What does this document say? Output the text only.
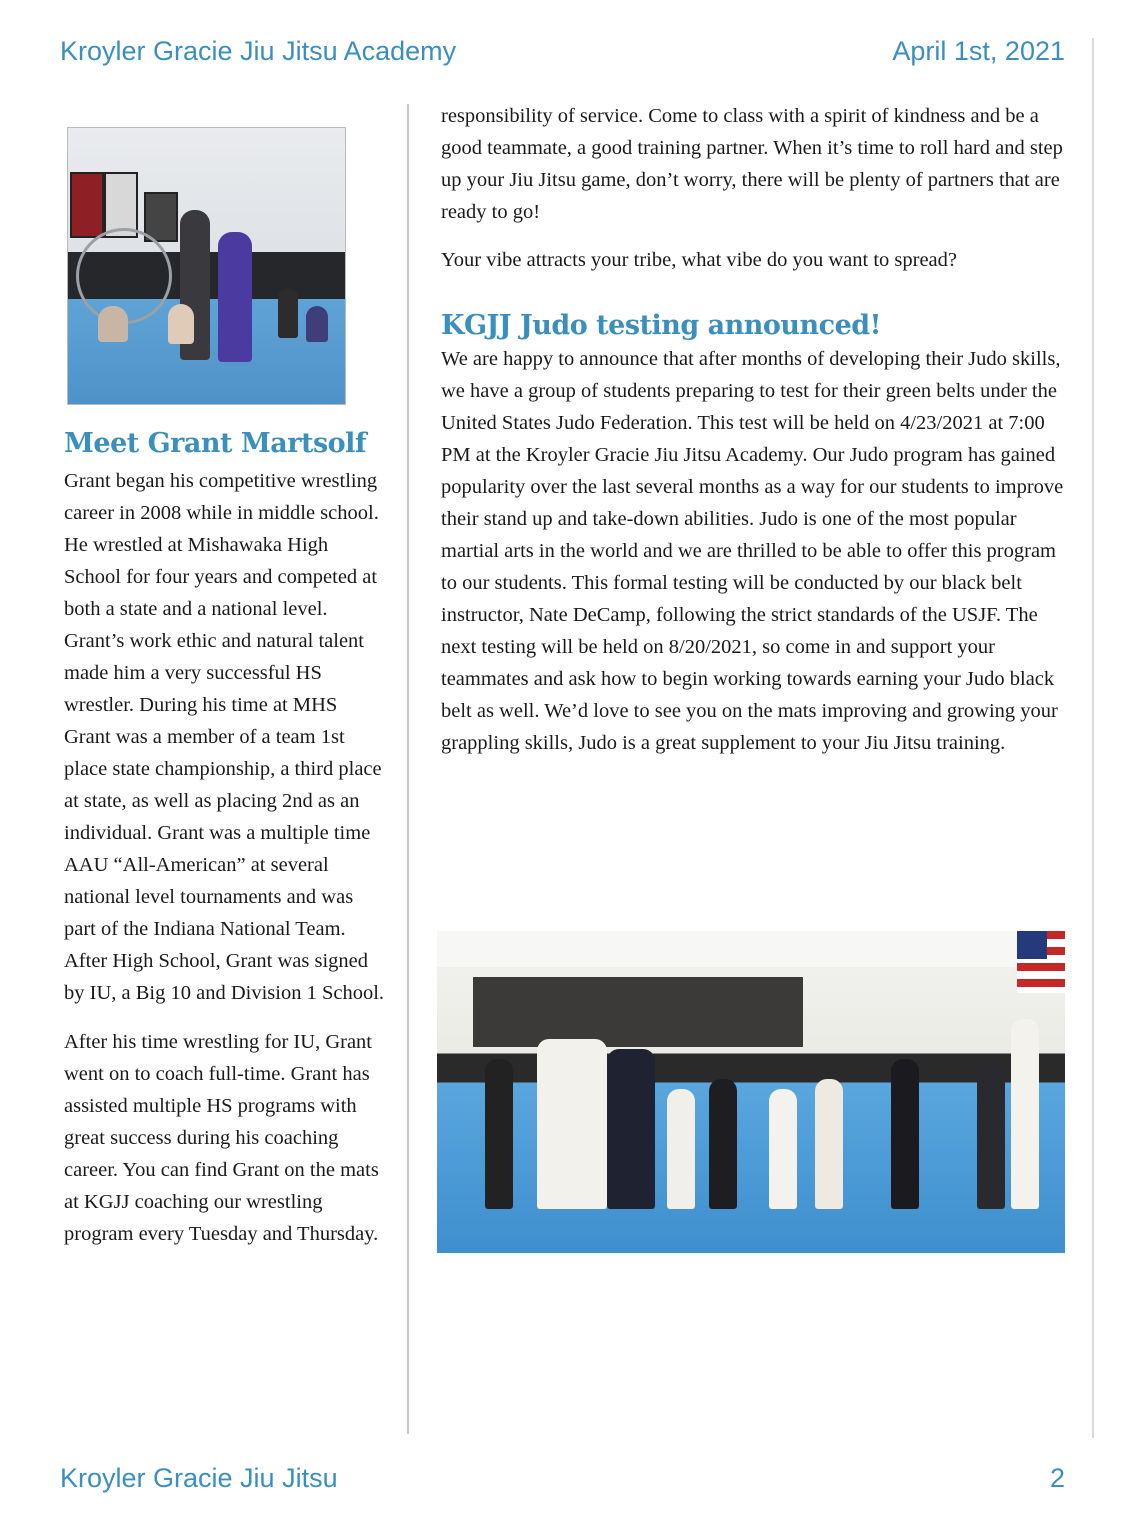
Kroyler Gracie Jiu Jitsu Academy	April 1st, 2021
Meet Grant Martsolf

Grant began his competitive wrestling career in 2008 while in middle school. He wrestled at Mishawaka High School for four years and competed at both a state and a national level. Grant’s work ethic and natural talent made him a very successful HS wrestler. During his time at MHS Grant was a member of a team 1st place state championship, a third place at state, as well as placing 2nd as an individual. Grant was a multiple time AAU “All-American” at several national level tournaments and was part of the Indiana National Team. After High School, Grant was signed by IU, a Big 10 and Division 1 School.

After his time wrestling for IU, Grant went on to coach full-time. Grant has assisted multiple HS programs with great success during his coaching career. You can find Grant on the mats at KGJJ coaching our wrestling program every Tuesday and Thursday.

responsibility of service. Come to class with a spirit of kindness and be a good teammate, a good training partner. When it’s time to roll hard and step up your Jiu Jitsu game, don’t worry, there will be plenty of partners that are ready to go!

Your vibe attracts your tribe, what vibe do you want to spread?

KGJJ Judo testing announced!

We are happy to announce that after months of developing their Judo skills, we have a group of students preparing to test for their green belts under the United States Judo Federation. This test will be held on 4/23/2021 at 7:00 PM at the Kroyler Gracie Jiu Jitsu Academy. Our Judo program has gained popularity over the last several months as a way for our students to improve their stand up and take-down abilities. Judo is one of the most popular martial arts in the world and we are thrilled to be able to offer this program to our students. This formal testing will be conducted by our black belt instructor, Nate DeCamp, following the strict standards of the USJF. The next testing will be held on 8/20/2021, so come in and support your teammates and ask how to begin working towards earning your Judo black belt as well. We’d love to see you on the mats improving and growing your grappling skills, Judo is a great supplement to your Jiu Jitsu training.

Kroyler Gracie Jiu Jitsu	2
